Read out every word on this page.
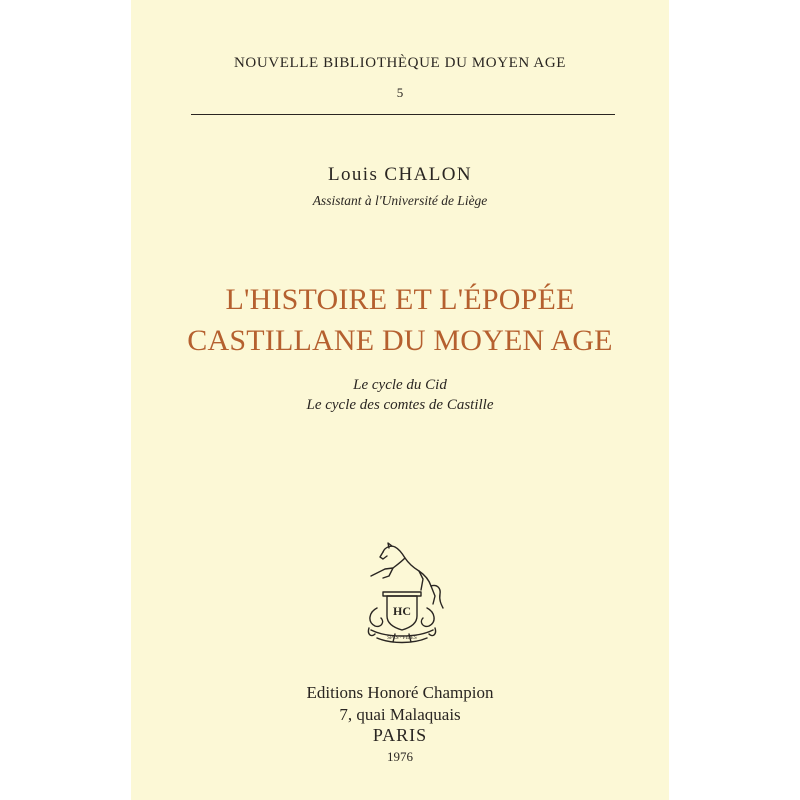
NOUVELLE BIBLIOTHÈQUE DU MOYEN AGE
5
Louis CHALON
Assistant à l'Université de Liège
L'HISTOIRE ET L'ÉPOPÉE
CASTILLANE DU MOYEN AGE
Le cycle du Cid
Le cycle des comtes de Castille
HC
SPES · FIDES
Editions Honoré Champion
7, quai Malaquais
PARIS
1976
